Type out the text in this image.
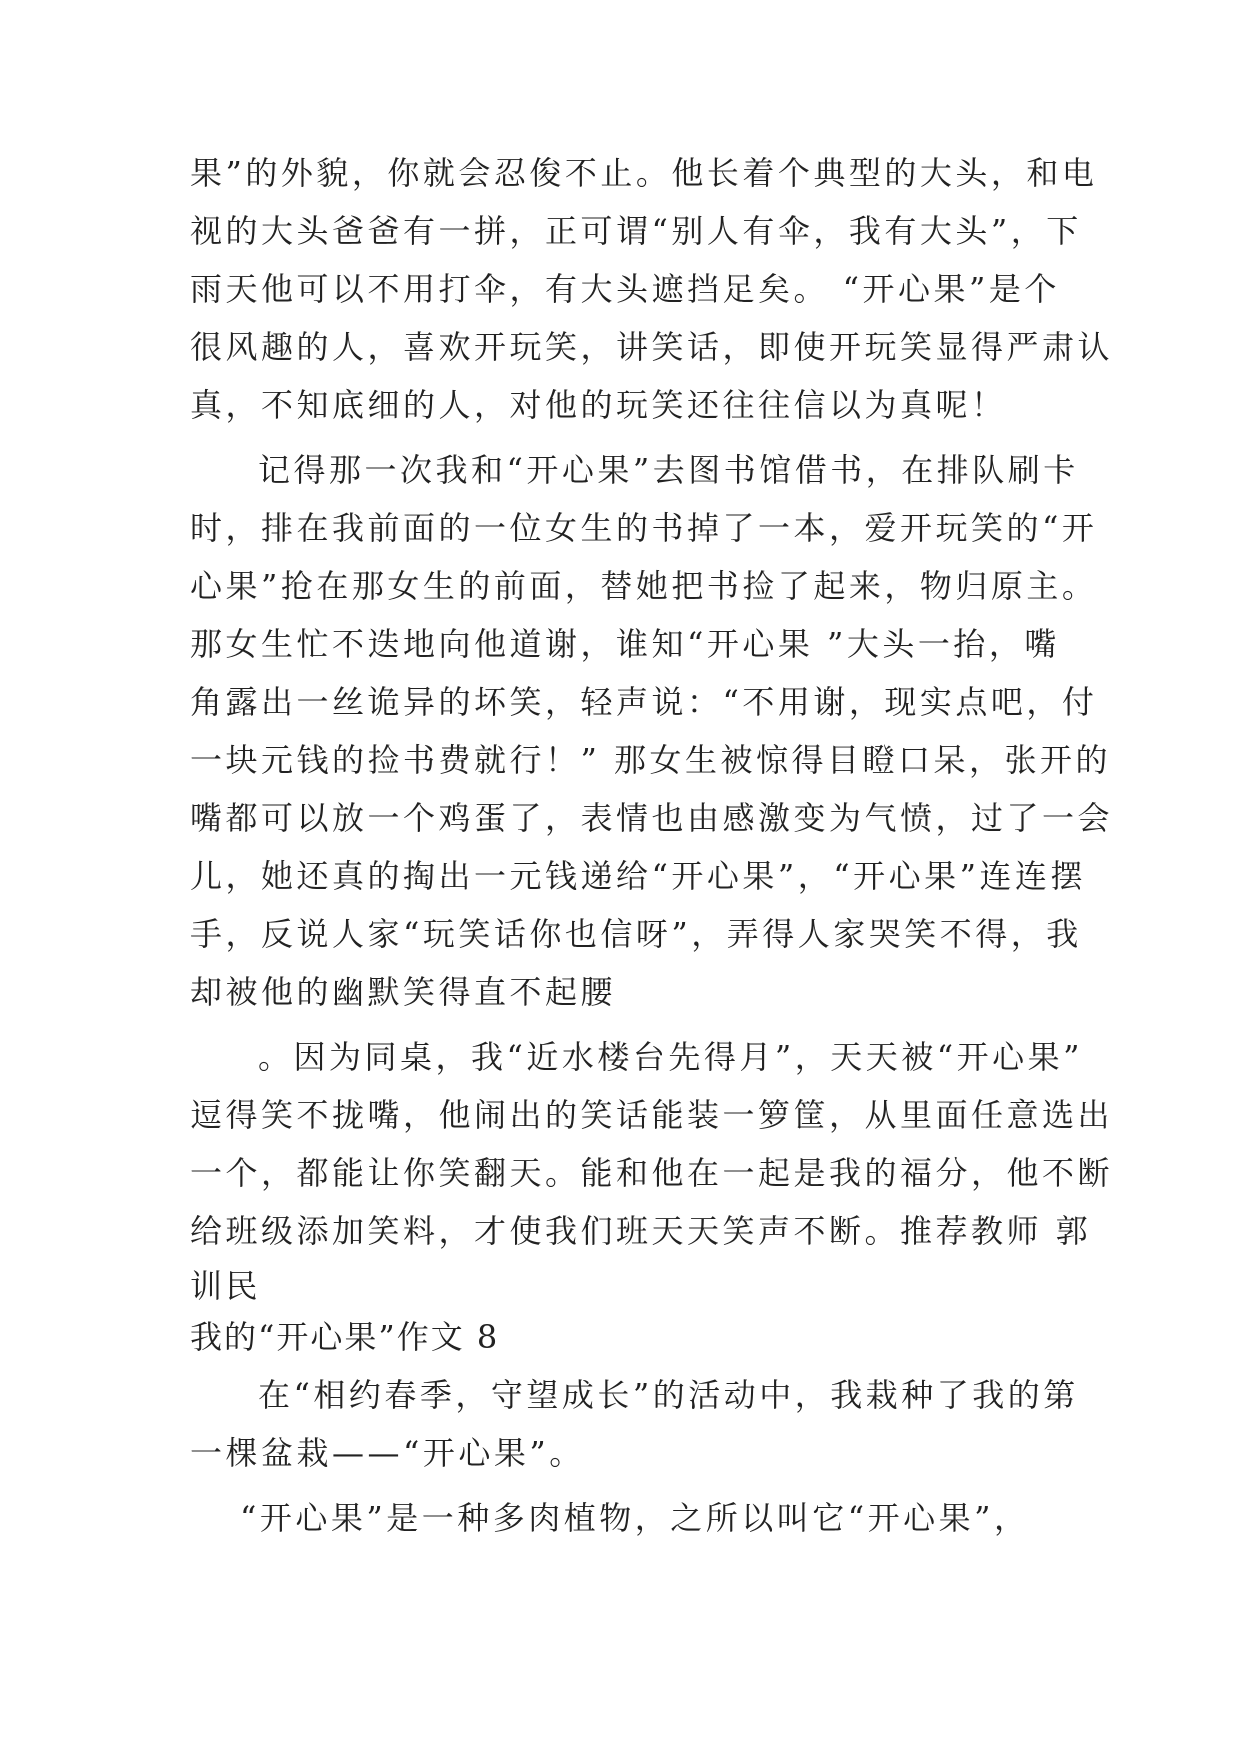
果”的外貌，你就会忍俊不止。他长着个典型的大头，和电
视的大头爸爸有一拼，正可谓“别人有伞，我有大头”，下
雨天他可以不用打伞，有大头遮挡足矣。 “开心果”是个
很风趣的人，喜欢开玩笑，讲笑话，即使开玩笑显得严肃认
真，不知底细的人，对他的玩笑还往往信以为真呢！
记得那一次我和“开心果”去图书馆借书，在排队刷卡
时，排在我前面的一位女生的书掉了一本，爱开玩笑的“开
心果”抢在那女生的前面，替她把书捡了起来，物归原主。
那女生忙不迭地向他道谢，谁知“开心果 ”大头一抬，嘴
角露出一丝诡异的坏笑，轻声说：“不用谢，现实点吧，付
一块元钱的捡书费就行！” 那女生被惊得目瞪口呆，张开的
嘴都可以放一个鸡蛋了，表情也由感激变为气愤，过了一会
儿，她还真的掏出一元钱递给“开心果”，“开心果”连连摆
手，反说人家“玩笑话你也信呀”，弄得人家哭笑不得，我
却被他的幽默笑得直不起腰
。因为同桌，我“近水楼台先得月”，天天被“开心果”
逗得笑不拢嘴，他闹出的笑话能装一箩筐，从里面任意选出
一个，都能让你笑翻天。能和他在一起是我的福分，他不断
给班级添加笑料，才使我们班天天笑声不断。推荐教师 郭
训民
我的“开心果”作文 8
在“相约春季，守望成长”的活动中，我栽种了我的第
一棵盆栽——“开心果”。
“开心果”是一种多肉植物，之所以叫它“开心果”，
